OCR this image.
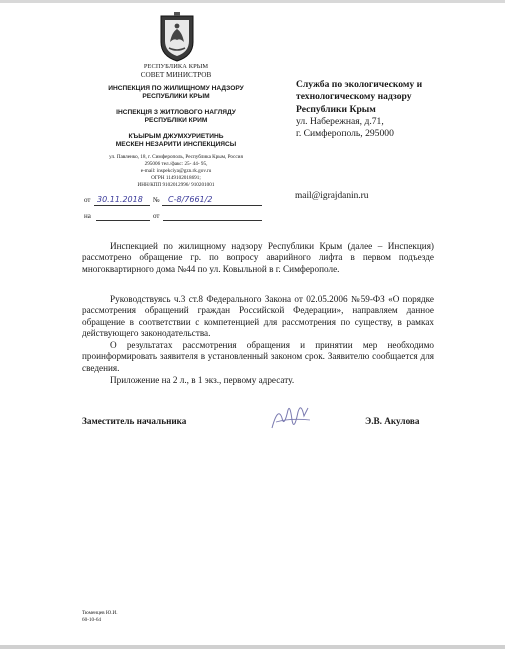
РЕСПУБЛИКА КРЫМ
СОВЕТ МИНИСТРОВ
ИНСПЕКЦИЯ ПО ЖИЛИЩНОМУ НАДЗОРУ
РЕСПУБЛИКИ КРЫМ
ІНСПЕКЦІЯ З ЖИТЛОВОГО НАГЛЯДУ
РЕСПУБЛІКИ КРИМ
КЪЫРЫМ ДЖУМХУРИЕТИНЬ
МЕСКЕН НЕЗАРИТИ ИНСПЕКЦИЯСЫ
ул. Павленко, 18, г. Симферополь, Республика Крым, Россия
295006 тел./факс: 25- 44- 95,
e-mail: inspekciya@gzn.rk.gov.ru
ОГРН 1149102018691;
ИНН/КПП 9102012996/ 910201001
от 30.11.2018 № С-8/7661/2
на	от
Служба по экологическому и
технологическому надзору
Республики Крым
ул. Набережная, д.71,
г. Симферополь, 295000
mail@igrajdanin.ru
Инспекцией по жилищному надзору Республики Крым (далее – Инспекция) рассмотрено обращение гр. по вопросу аварийного лифта в первом подъезде многоквартирного дома №44 по ул. Ковыльной в г. Симферополе.
Руководствуясь ч.3 ст.8 Федерального Закона от 02.05.2006 №59-ФЗ «О порядке рассмотрения обращений граждан Российской Федерации», направляем данное обращение в соответствии с компетенцией для рассмотрения по существу, в рамках действующего законодательства.
О результатах рассмотрения обращения и принятии мер необходимо проинформировать заявителя в установленный законом срок. Заявителю сообщается для сведения.
Приложение на 2 л., в 1 экз., первому адресату.
Заместитель начальника	Э.В. Акулова
Тюменцев Ю.И.
60-10-64
